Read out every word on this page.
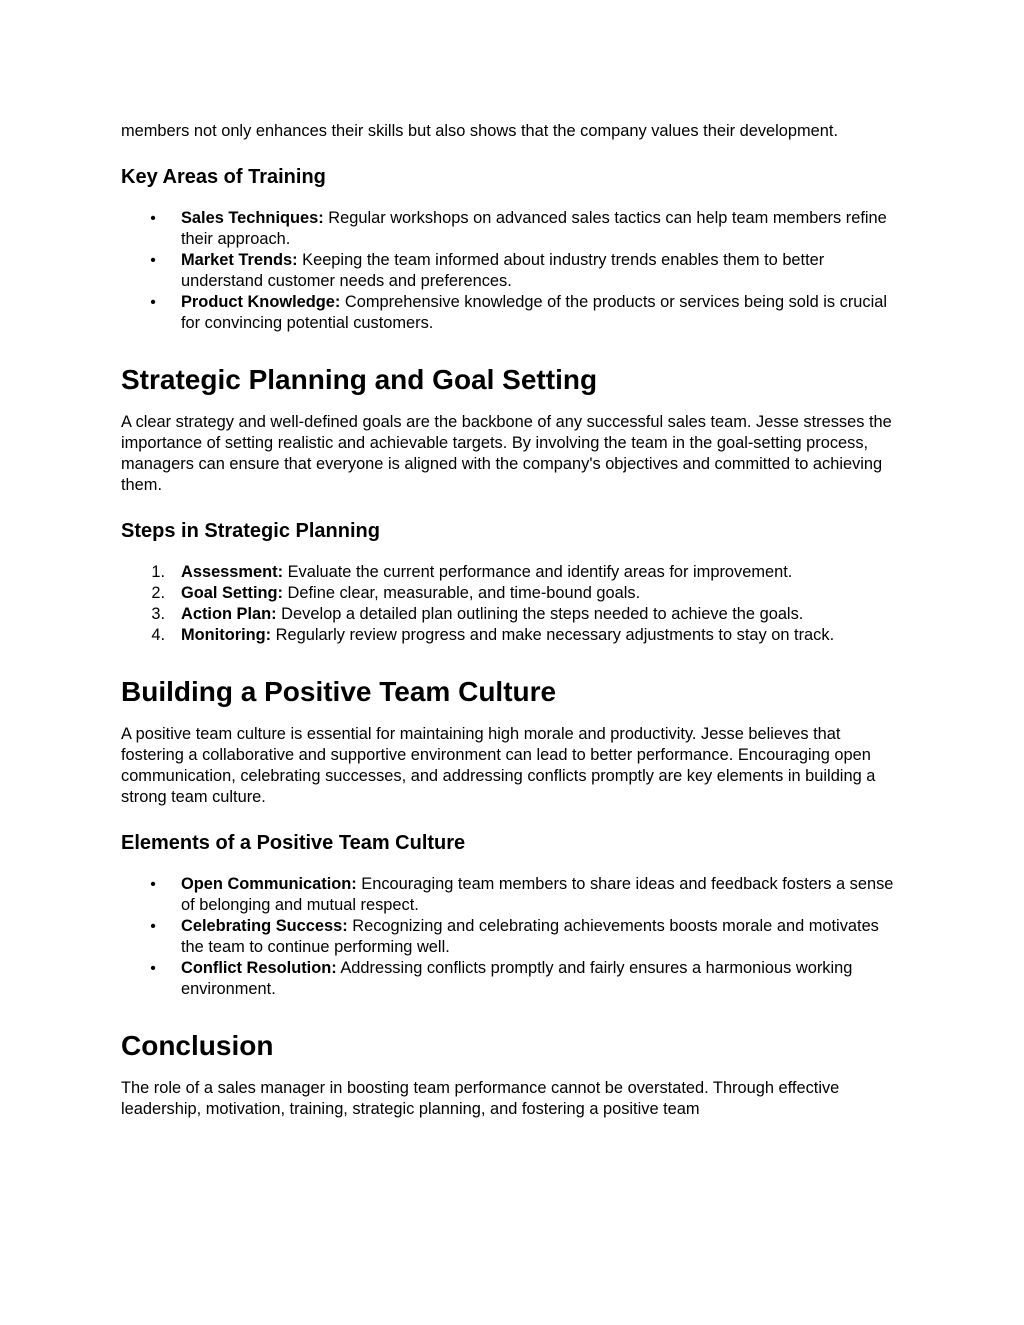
members not only enhances their skills but also shows that the company values their development.

Key Areas of Training
• Sales Techniques: Regular workshops on advanced sales tactics can help team members refine their approach.
• Market Trends: Keeping the team informed about industry trends enables them to better understand customer needs and preferences.
• Product Knowledge: Comprehensive knowledge of the products or services being sold is crucial for convincing potential customers.
Strategic Planning and Goal Setting

A clear strategy and well-defined goals are the backbone of any successful sales team. Jesse stresses the importance of setting realistic and achievable targets. By involving the team in the goal-setting process, managers can ensure that everyone is aligned with the company's objectives and committed to achieving them.

Steps in Strategic Planning
1. Assessment: Evaluate the current performance and identify areas for improvement.
2. Goal Setting: Define clear, measurable, and time-bound goals.
3. Action Plan: Develop a detailed plan outlining the steps needed to achieve the goals.
4. Monitoring: Regularly review progress and make necessary adjustments to stay on track.
Building a Positive Team Culture

A positive team culture is essential for maintaining high morale and productivity. Jesse believes that fostering a collaborative and supportive environment can lead to better performance. Encouraging open communication, celebrating successes, and addressing conflicts promptly are key elements in building a strong team culture.

Elements of a Positive Team Culture
• Open Communication: Encouraging team members to share ideas and feedback fosters a sense of belonging and mutual respect.
• Celebrating Success: Recognizing and celebrating achievements boosts morale and motivates the team to continue performing well.
• Conflict Resolution: Addressing conflicts promptly and fairly ensures a harmonious working environment.
Conclusion

The role of a sales manager in boosting team performance cannot be overstated. Through effective leadership, motivation, training, strategic planning, and fostering a positive team
